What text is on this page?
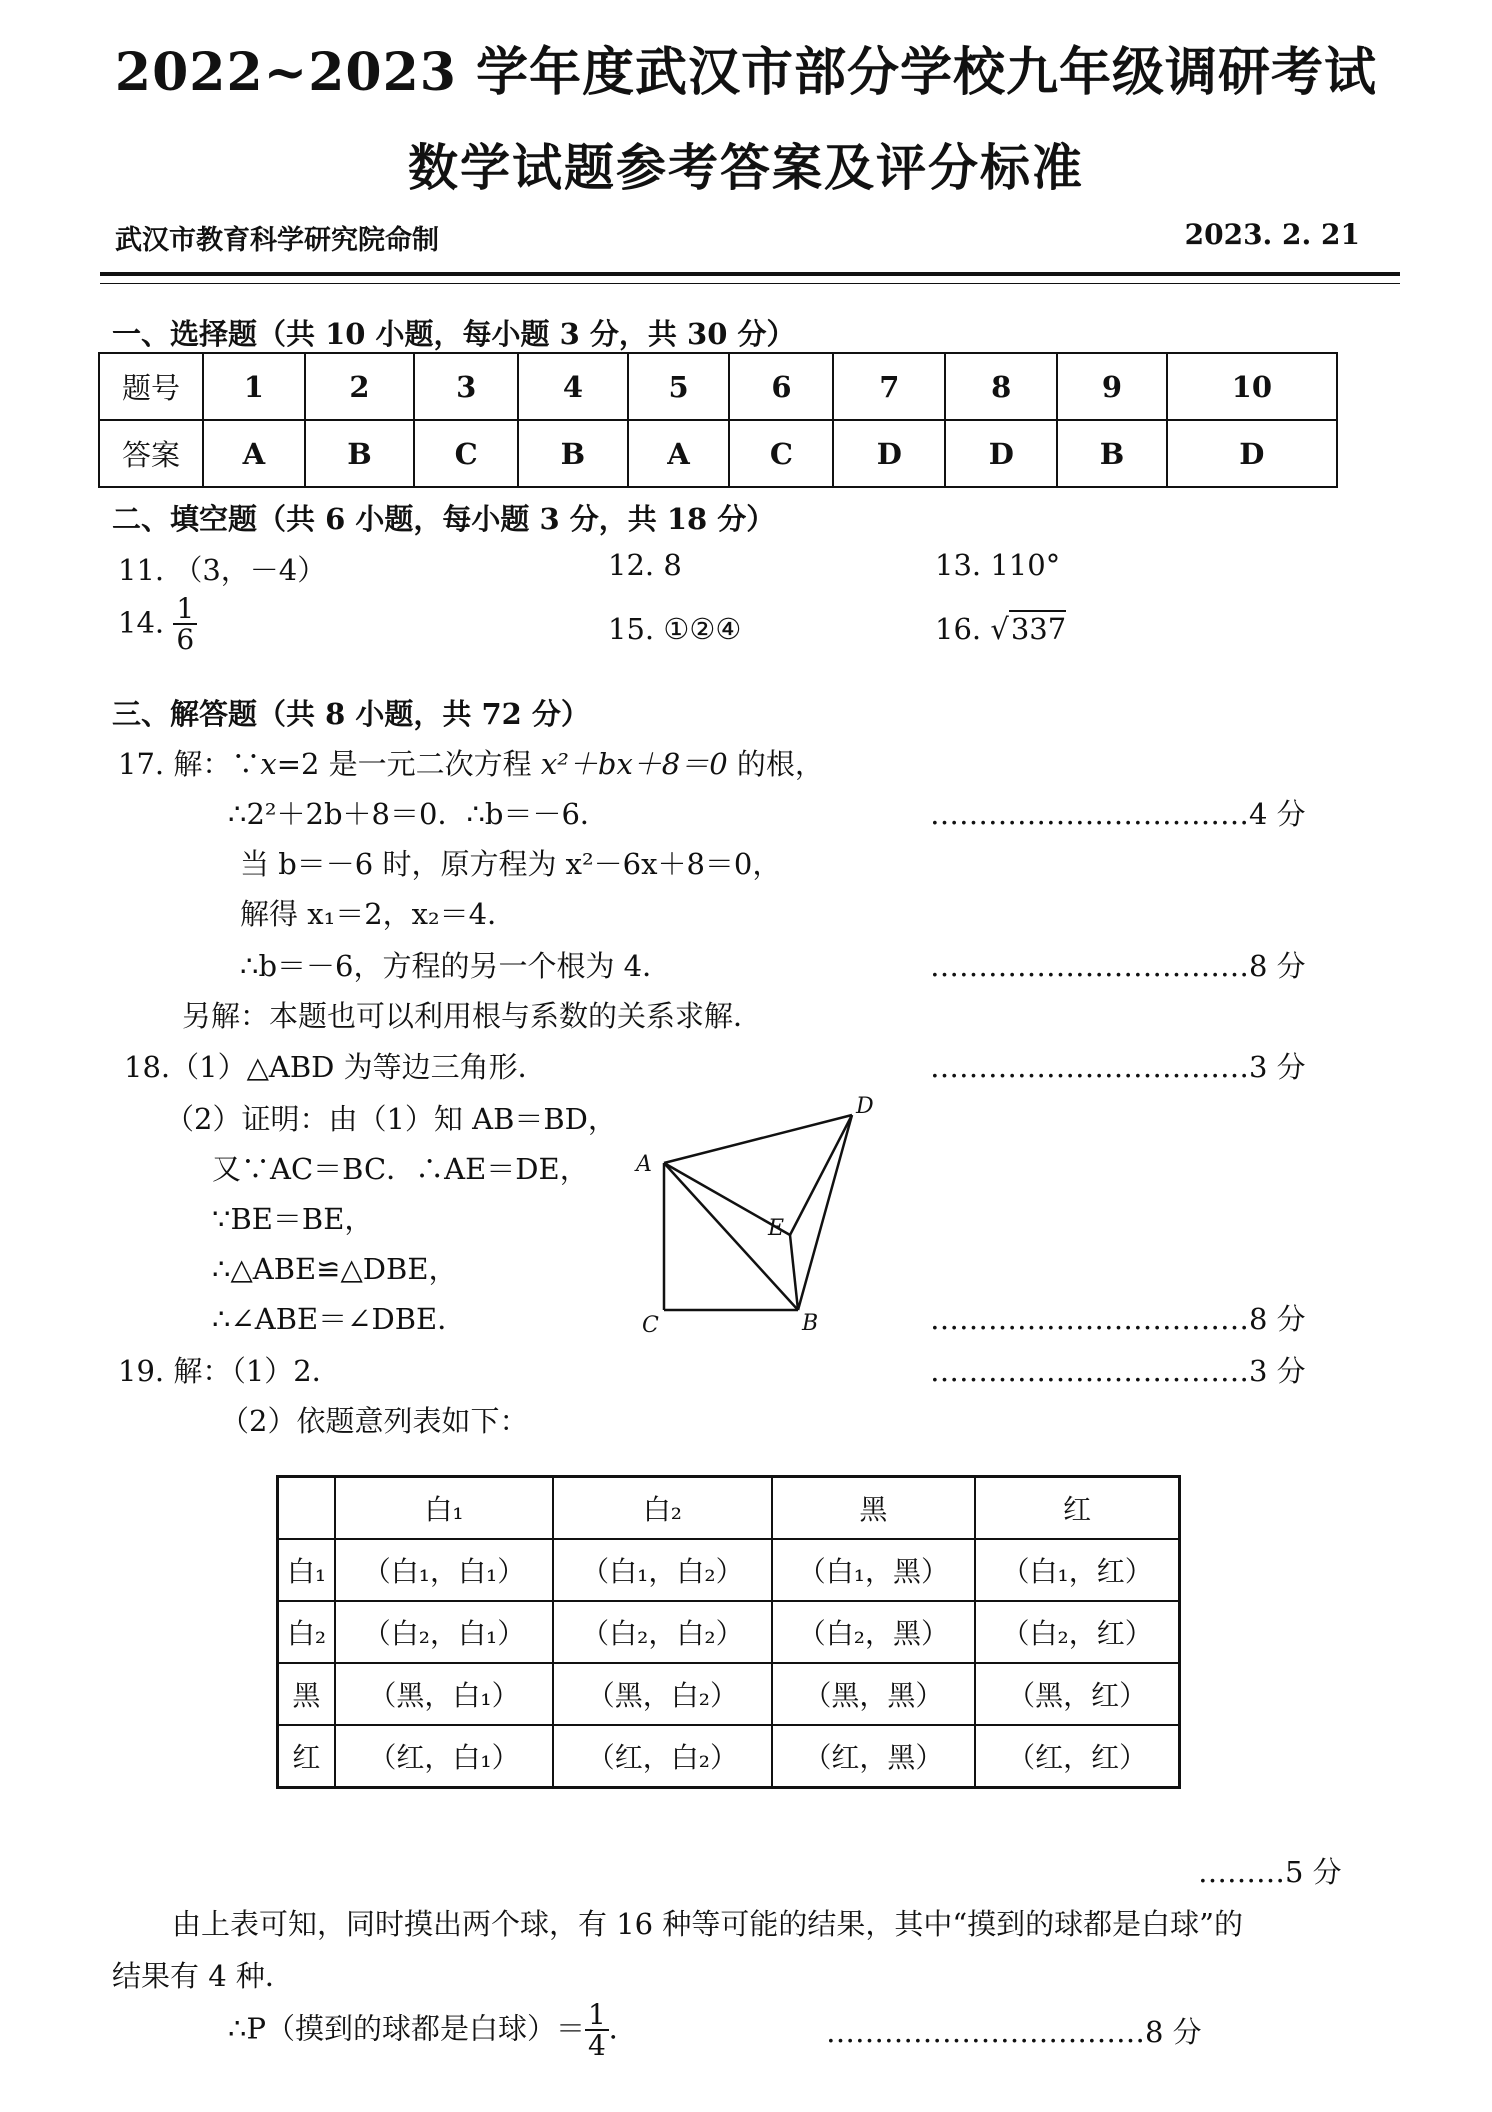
2022~2023 学年度武汉市部分学校九年级调研考试
数学试题参考答案及评分标准
武汉市教育科学研究院命制	2023. 2. 21
一、选择题（共 10 小题，每小题 3 分，共 30 分）
题号	1	2	3	4	5	6	7	8	9	10
答案	A	B	C	B	A	C	D	D	B	D
二、填空题（共 6 小题，每小题 3 分，共 18 分）
11. （3，－4）	12. 8	13. 110°
14. $\frac{1}{6}$	15. ①②④	16. √337
三、解答题（共 8 小题，共 72 分）
17. 解：∵x=2 是一元二次方程 x²＋bx＋8＝0 的根，
∴2²＋2b＋8＝0．∴b＝－6．	……………………………4 分
当 b＝－6 时，原方程为 x²－6x＋8＝0，
解得 x₁＝2，x₂＝4．
∴b＝－6，方程的另一个根为 4．	……………………………8 分
另解：本题也可以利用根与系数的关系求解．
18.（1）△ABD 为等边三角形．	……………………………3 分
（2）证明：由（1）知 AB＝BD，
又∵AC＝BC．∴AE＝DE，
∵BE＝BE，
∴△ABE≌△DBE，
∴∠ABE＝∠DBE．	……………………………8 分
A
D
E
C	B
19. 解：（1）2．	……………………………3 分
（2）依题意列表如下：
	白₁	白₂	黑	红
白₁	（白₁，白₁）	（白₁，白₂）	（白₁，黑）	（白₁，红）
白₂	（白₂，白₁）	（白₂，白₂）	（白₂，黑）	（白₂，红）
黑	（黑，白₁）	（黑，白₂）	（黑，黑）	（黑，红）
红	（红，白₁）	（红，白₂）	（红，黑）	（红，红）
………5 分
由上表可知，同时摸出两个球，有 16 种等可能的结果，其中“摸到的球都是白球”的
结果有 4 种．
∴P（摸到的球都是白球）＝ $\frac{1}{4}$ ．	……………………………8 分
